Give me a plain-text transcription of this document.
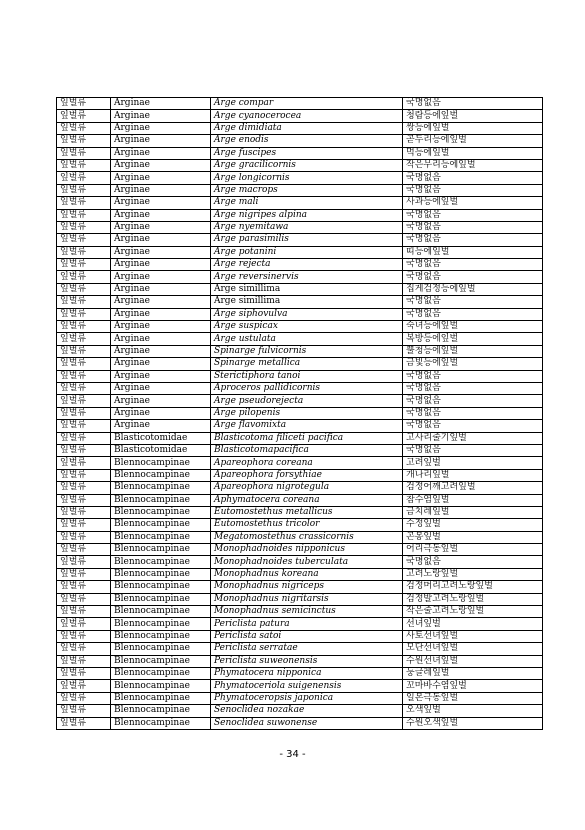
잎벌류	Arginae	Arge compar	국명없음
잎벌류	Arginae	Arge cyanocerocea	청람등에잎벌
잎벌류	Arginae	Arge dimidiata	쌍등에잎벌
잎벌류	Arginae	Arge enodis	곧두리등에잎벌
잎벌류	Arginae	Arge fuscipes	먹등에잎벌
잎벌류	Arginae	Arge gracilicornis	작은무리등에잎벌
잎벌류	Arginae	Arge longicornis	국명없음
잎벌류	Arginae	Arge macrops	국명없음
잎벌류	Arginae	Arge mali	사과등에잎벌
잎벌류	Arginae	Arge nigripes alpina	국명없음
잎벌류	Arginae	Arge nyemitawa	국명없음
잎벌류	Arginae	Arge parasimilis	국명없음
잎벌류	Arginae	Arge potanini	띠등에잎벌
잎벌류	Arginae	Arge rejecta	국명없음
잎벌류	Arginae	Arge reversinervis	국명없음
잎벌류	Arginae	Arge simillima	집게검정등에잎벌
잎벌류	Arginae	Arge simillima	국명없음
잎벌류	Arginae	Arge siphovulva	국명없음
잎벌류	Arginae	Arge suspicax	숙녀등에잎벌
잎벌류	Arginae	Arge ustulata	복방등에잎벌
잎벌류	Arginae	Spinarge fulvicornis	뿔청등에잎벌
잎벌류	Arginae	Spinarge metallica	금빛등에잎벌
잎벌류	Arginae	Sterictiphora tanoi	국명없음
잎벌류	Arginae	Aproceros pallidicornis	국명없음
잎벌류	Arginae	Arge pseudorejecta	국명없음
잎벌류	Arginae	Arge pilopenis	국명없음
잎벌류	Arginae	Arge flavomixta	국명없음
잎벌류	Blasticotomidae	Blasticotoma filiceti pacifica	고사리줄기잎벌
잎벌류	Blasticotomidae	Blasticotomapacifica	국명없음
잎벌류	Blennocampinae	Apareophora coreana	고려잎벌
잎벌류	Blennocampinae	Apareophora forsythiae	개나리잎벌
잎벌류	Blennocampinae	Apareophora nigrotegula	검정어깨고려잎벌
잎벌류	Blennocampinae	Aphymatocera coreana	참수염잎벌
잎벌류	Blennocampinae	Eutomostethus metallicus	금치레잎벌
잎벌류	Blennocampinae	Eutomostethus tricolor	수정잎벌
잎벌류	Blennocampinae	Megatomostethus crassicornis	곤봉잎벌
잎벌류	Blennocampinae	Monophadnoides nipponicus	어리극동잎벌
잎벌류	Blennocampinae	Monophadnoides tuberculata	국명없음
잎벌류	Blennocampinae	Monophadnus koreana	고려노랑잎벌
잎벌류	Blennocampinae	Monophadnus nigriceps	검정머리고려노랑잎벌
잎벌류	Blennocampinae	Monophadnus nigritarsis	검정발고려노랑잎벌
잎벌류	Blennocampinae	Monophadnus semicinctus	작은줄고려노랑잎벌
잎벌류	Blennocampinae	Periclista patura	선녀잎벌
잎벌류	Blennocampinae	Periclista satoi	사토선녀잎벌
잎벌류	Blennocampinae	Periclista serratae	모단선녀잎벌
잎벌류	Blennocampinae	Periclista suweonensis	수원선녀잎벌
잎벌류	Blennocampinae	Phymatocera nipponica	둥글레잎벌
잎벌류	Blennocampinae	Phymatoceriola suigenensis	꼬마바수염잎벌
잎벌류	Blennocampinae	Phymatoceropsis japonica	일본극동잎벌
잎벌류	Blennocampinae	Senoclidea nozakae	오색잎벌
잎벌류	Blennocampinae	Senoclidea suwonense	수원오색잎벌
- 34 -
